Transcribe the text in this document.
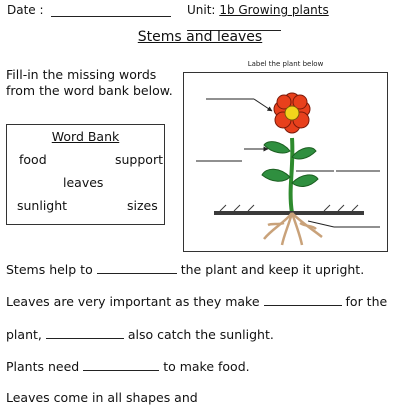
Date :	Unit: 1b Growing plants
Stems and leaves
Fill-in the missing words
from the word bank below.
Word Bank
food	support
leaves
sunlight	sizes
Label the plant below
Stems help to	the plant and keep it upright.
Leaves are very important as they make	for the
plant,	also catch the sunlight.
Plants need	to make food.
Leaves come in all shapes and
